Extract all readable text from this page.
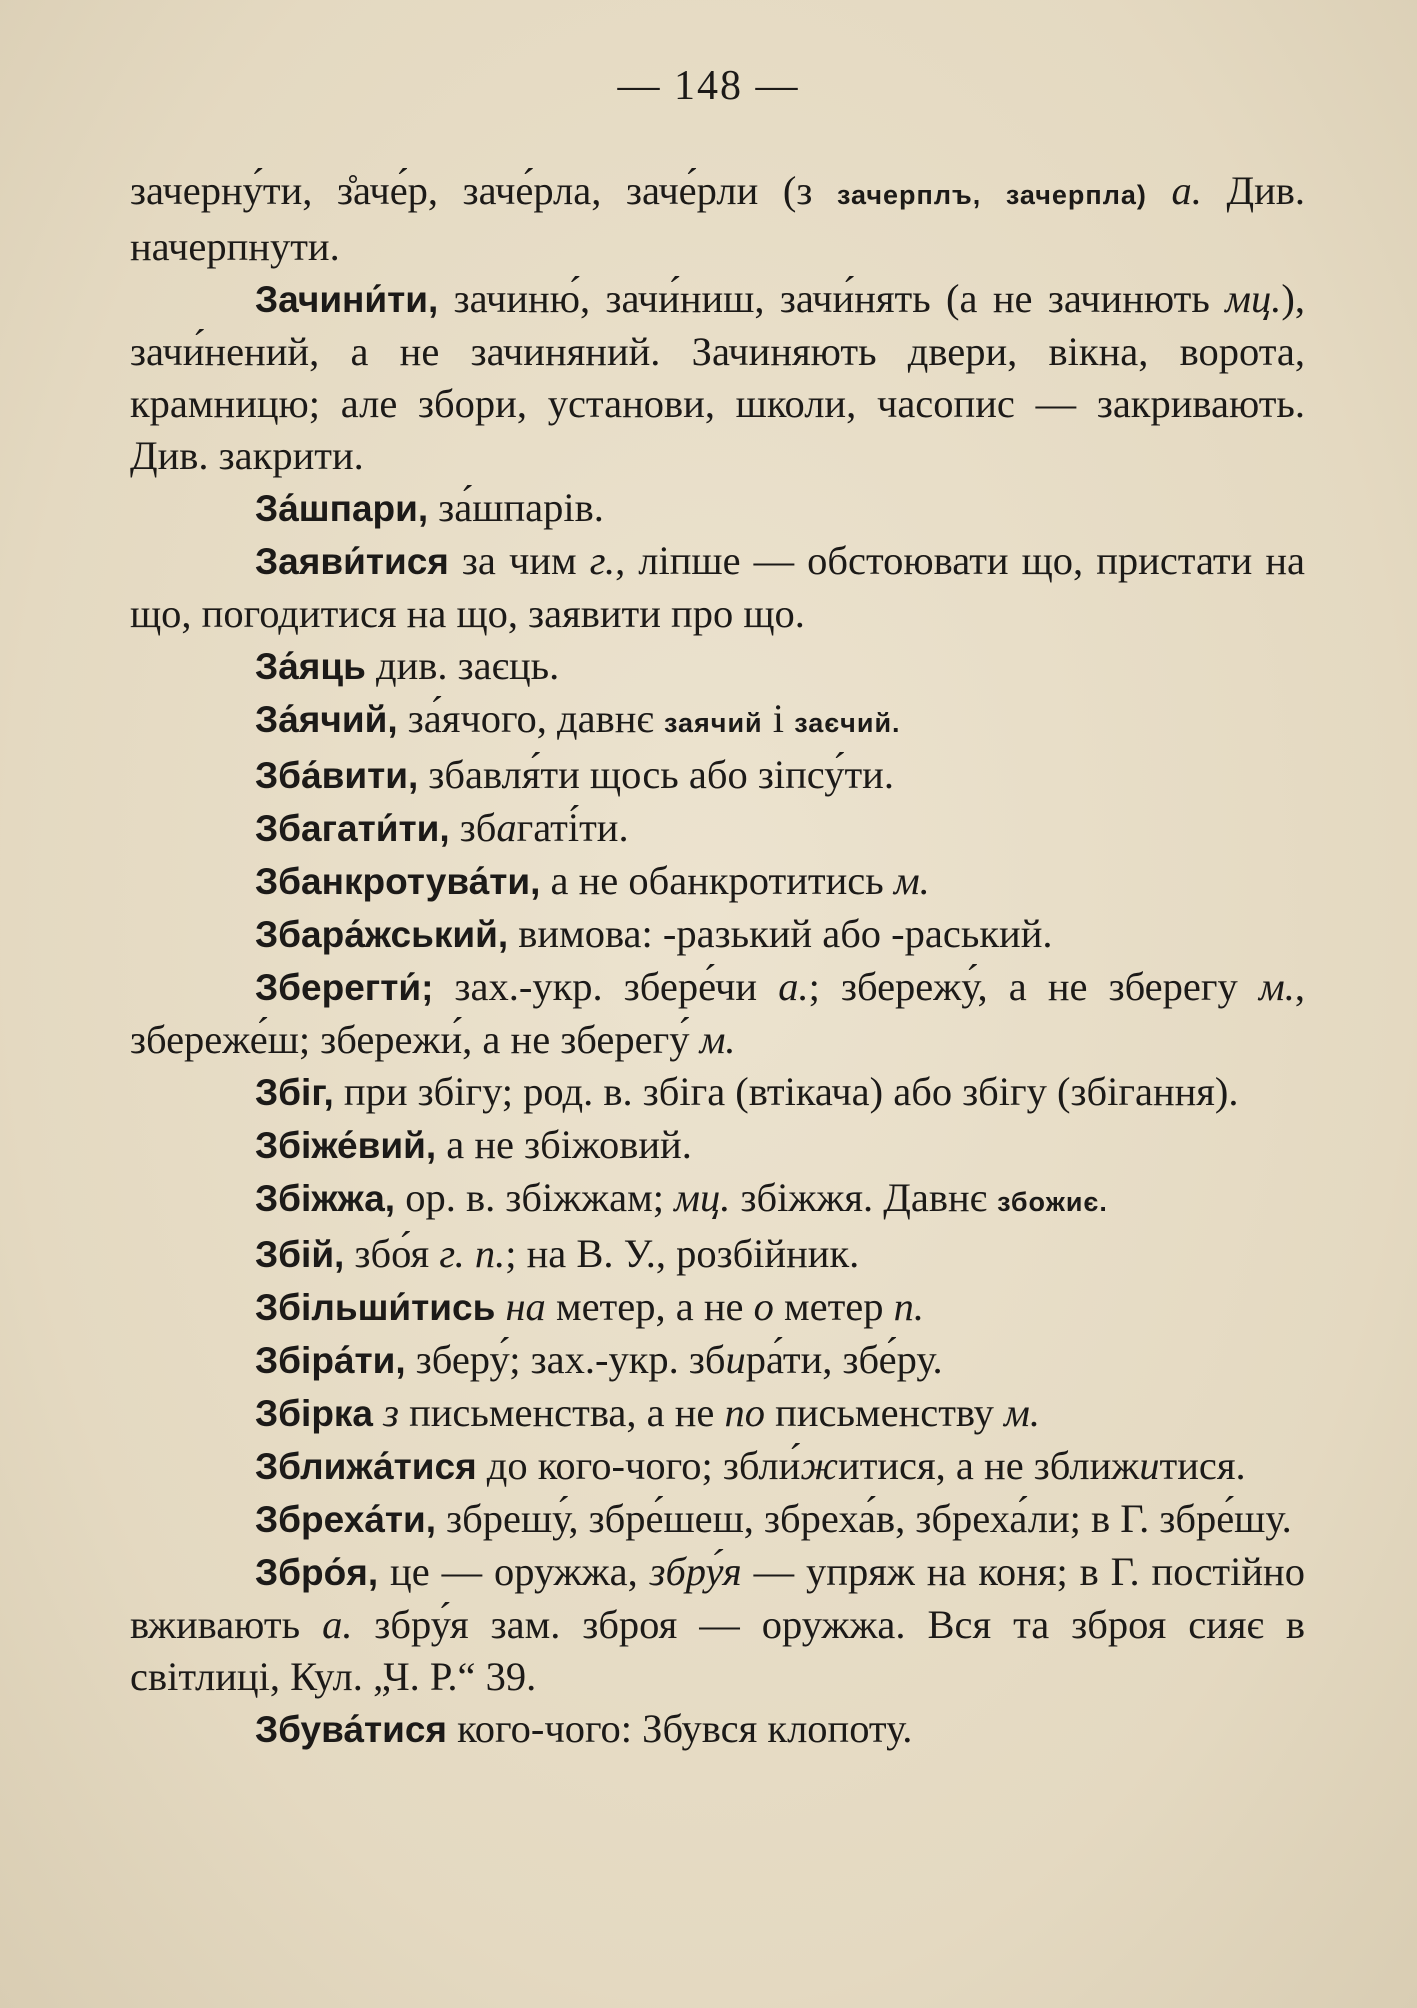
— 148 —

зачерну́ти, з̊аче́р, заче́рла, заче́рли (з зачерплъ, зачерпла) а. Див. начерпнути.

Зачини́ти, зачиню́, зачи́ниш, зачи́нять (а не зачинють мц.), зачи́нений, а не зачиняний. Зачиняють двери, вікна, ворота, крамницю; але збори, установи, школи, часопис — закривають. Див. закрити.

За́шпари, за́шпарів.

Заяви́тися за чим г., ліпше — обстоювати що, пристати на що, погодитися на що, заявити про що.

За́яць див. заєць.

За́ячий, за́ячого, давнє заячий і заєчий.

Зба́вити, збавля́ти щось або зіпсу́ти.

Збагати́ти, збагаті́ти.

Збанкротува́ти, а не обанкротитись м.

Збара́жський, вимова: -разький або -раський.

Зберегти́; зах.-укр. збере́чи а.; збережу́, а не зберегу м., збереже́ш; збережи́, а не зберегу́ м.

Збіг, при збігу; род. в. збіга (втікача) або збігу (збігання).

Збіже́вий, а не збіжовий.

Збіжжа, ор. в. збіжжам; мц. збіжжя. Давнє збожиє.

Збій, збо́я г. п.; на В. У., розбійник.

Збільши́тись на метер, а не о метер п.

Збіра́ти, зберу́; зах.-укр. збира́ти, збе́ру.

Збірка з письменства, а не по письменству м.

Зближа́тися до кого-чого; збли́житися, а не зближитися.

Збреха́ти, збрешу́, збре́шеш, збреха́в, збреха́ли; в Г. збре́шу.

Збро́я, це — оружжа, збру́я — упряж на коня; в Г. постійно вживають а. збру́я зам. зброя — оружжа. Вся та зброя сияє в світлиці, Кул. „Ч. Р.“ 39.

Збува́тися кого-чого: Збувся клопоту.
